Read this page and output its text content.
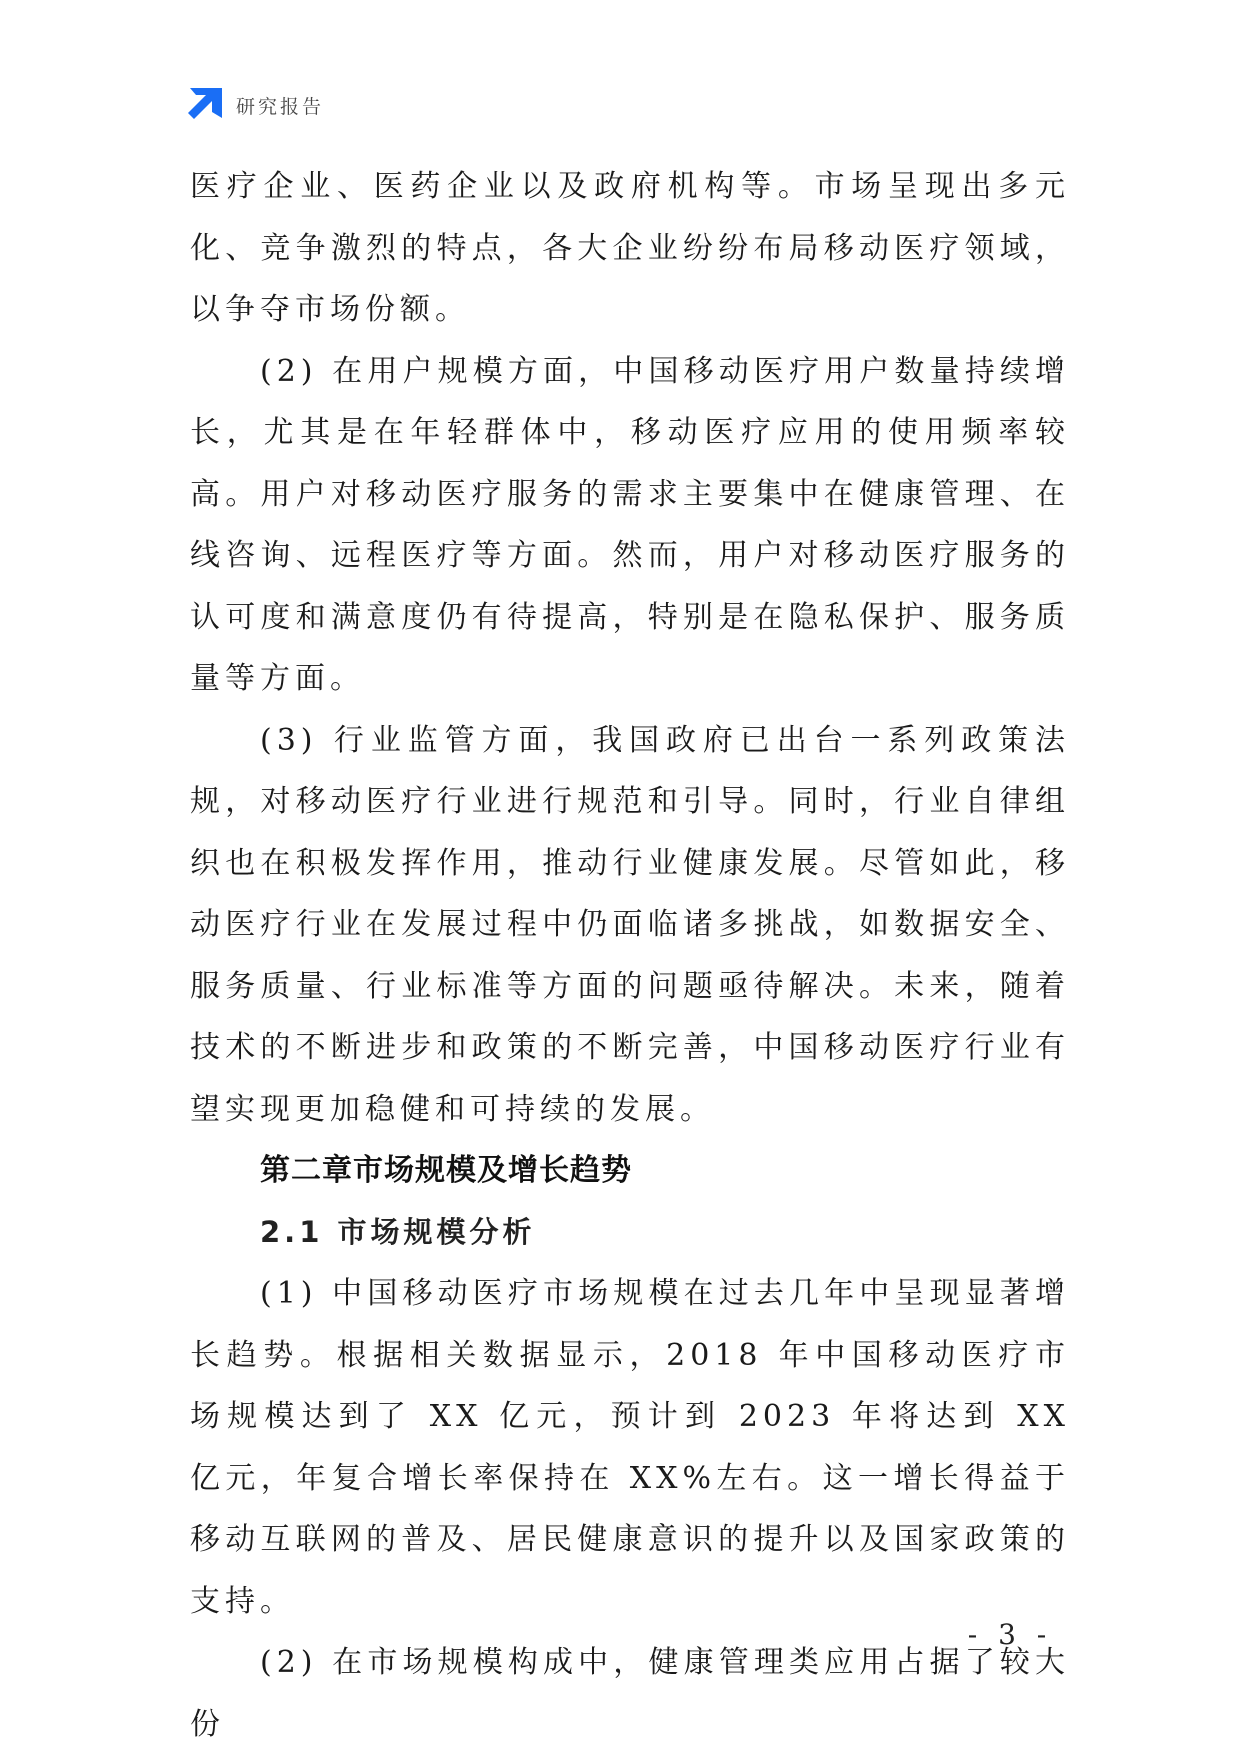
研究报告

医疗企业、医药企业以及政府机构等。市场呈现出多元化、竞争激烈的特点，各大企业纷纷布局移动医疗领域，以争夺市场份额。

(2) 在用户规模方面，中国移动医疗用户数量持续增长，尤其是在年轻群体中，移动医疗应用的使用频率较高。用户对移动医疗服务的需求主要集中在健康管理、在线咨询、远程医疗等方面。然而，用户对移动医疗服务的认可度和满意度仍有待提高，特别是在隐私保护、服务质量等方面。

(3) 行业监管方面，我国政府已出台一系列政策法规，对移动医疗行业进行规范和引导。同时，行业自律组织也在积极发挥作用，推动行业健康发展。尽管如此，移动医疗行业在发展过程中仍面临诸多挑战，如数据安全、服务质量、行业标准等方面的问题亟待解决。未来，随着技术的不断进步和政策的不断完善，中国移动医疗行业有望实现更加稳健和可持续的发展。

第二章市场规模及增长趋势
2.1 市场规模分析

(1) 中国移动医疗市场规模在过去几年中呈现显著增长趋势。根据相关数据显示，2018 年中国移动医疗市场规模达到了 XX 亿元，预计到 2023 年将达到 XX 亿元，年复合增长率保持在 XX%左右。这一增长得益于移动互联网的普及、居民健康意识的提升以及国家政策的支持。

(2) 在市场规模构成中，健康管理类应用占据了较大份

- 3 -
